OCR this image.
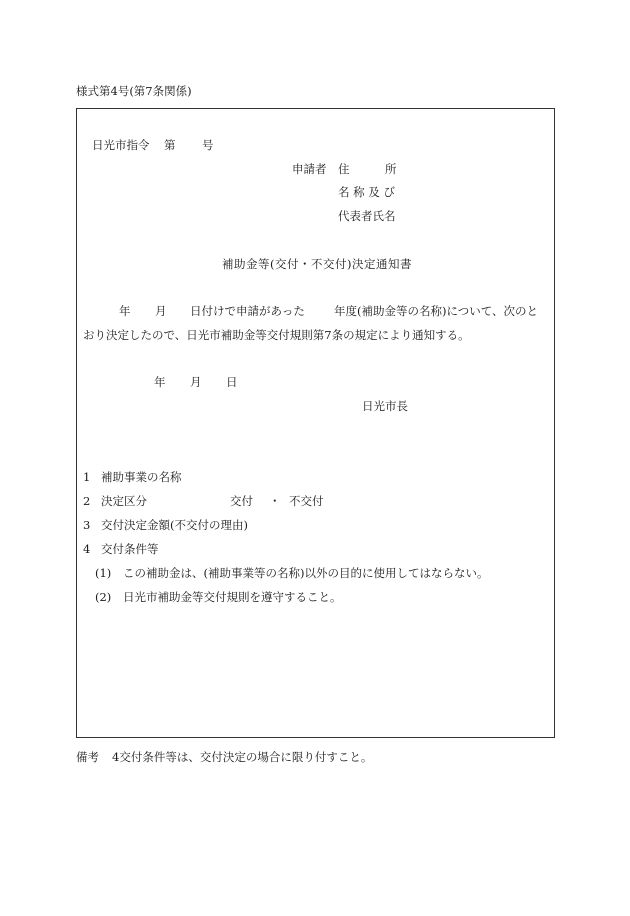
様式第4号(第7条関係)
日光市指令 第 号
申請者 住	所
名 称 及 び
代表者氏名
補助金等(交付・不交付)決定通知書
年 月 日付けで申請があった	年度(補助金等の名称)について、次のと
おり決定したので、日光市補助金等交付規則第7条の規定により通知する。
年 月 日
日光市長
1 補助事業の名称
2 決定区分	交付 ・ 不交付
3 交付決定金額(不交付の理由)
4 交付条件等
(1) この補助金は、(補助事業等の名称)以外の目的に使用してはならない。
(2) 日光市補助金等交付規則を遵守すること。
備考 4交付条件等は、交付決定の場合に限り付すこと。
